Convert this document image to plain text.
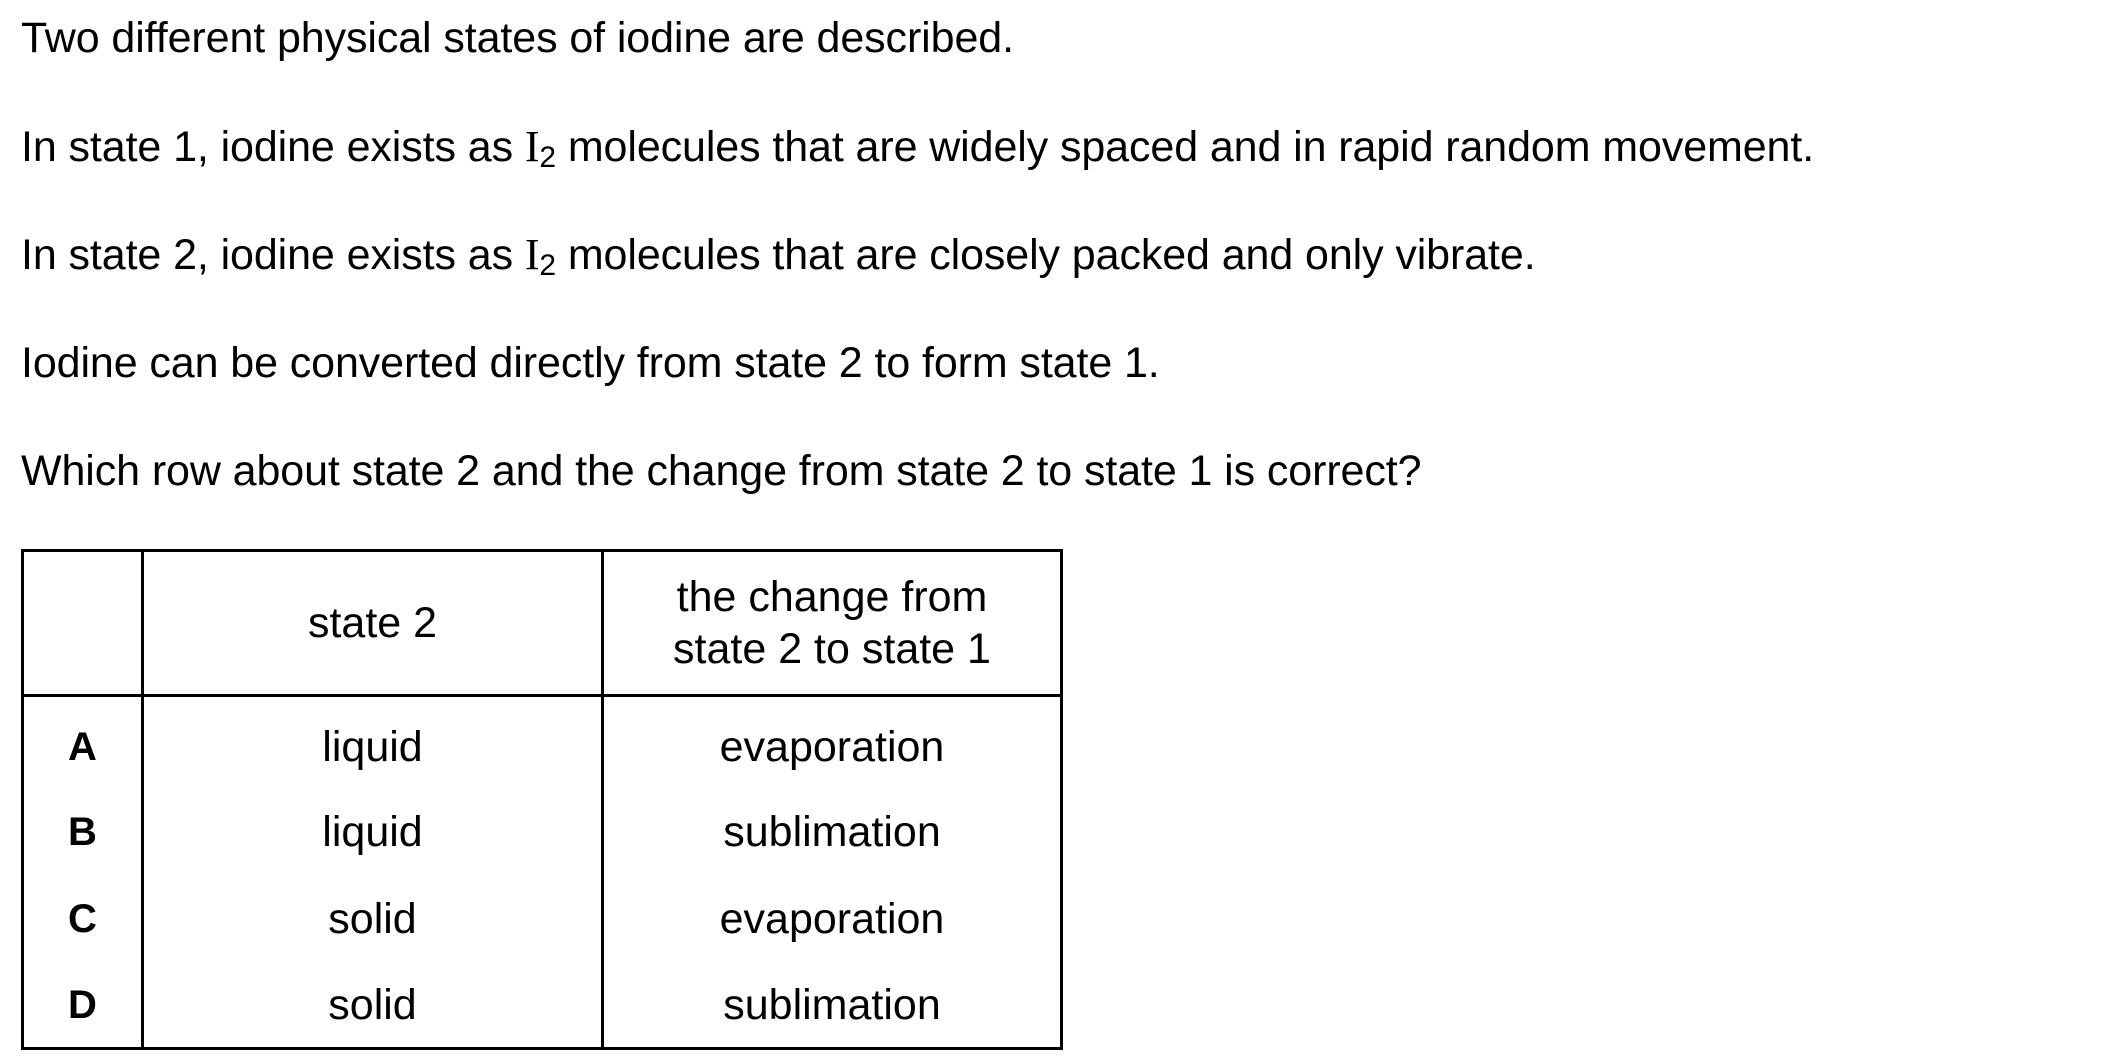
Two different physical states of iodine are described.
In state 1, iodine exists as $I_2$ molecules that are widely spaced and in rapid random movement.
In state 2, iodine exists as $I_2$ molecules that are closely packed and only vibrate.
Iodine can be converted directly from state 2 to form state 1.
Which row about state 2 and the change from state 2 to state 1 is correct?
	state 2	the change from
state 2 to state 1
A	liquid	evaporation
B	liquid	sublimation
C	solid	evaporation
D	solid	sublimation
